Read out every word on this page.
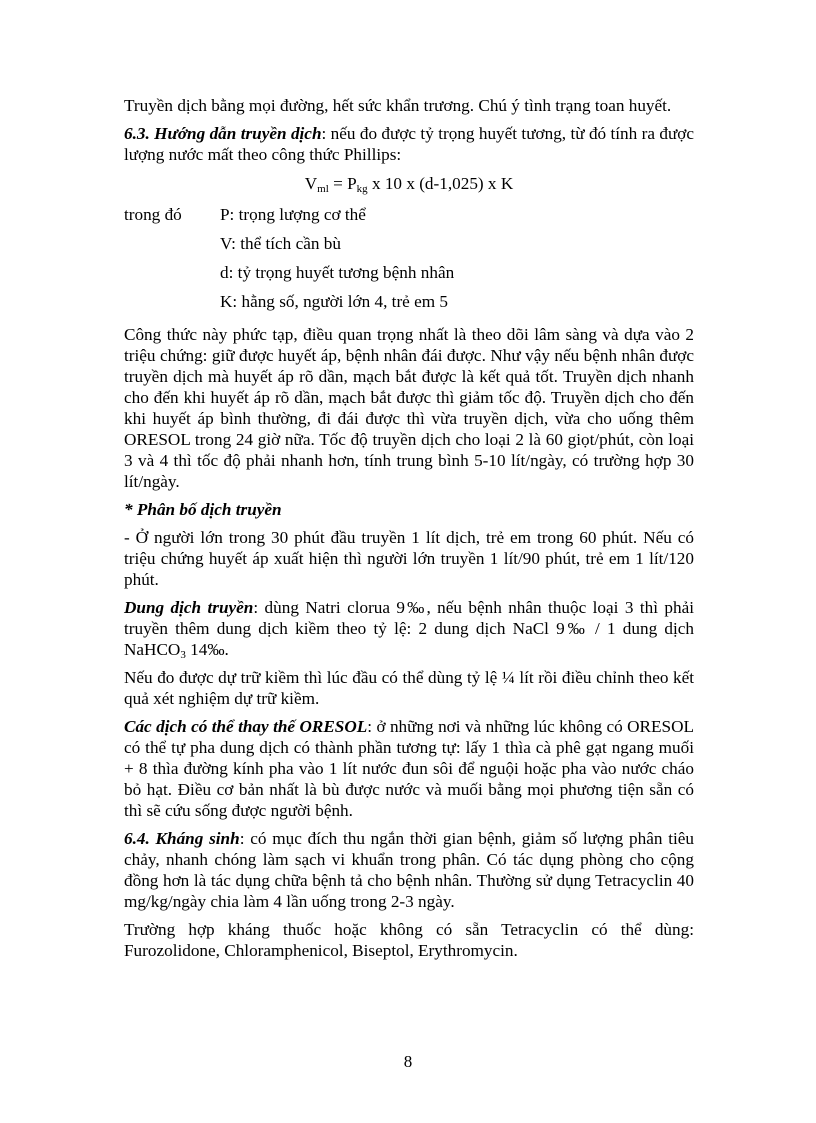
Truyền dịch bằng mọi đường, hết sức khẩn trương. Chú ý tình trạng toan huyết.

6.3. Hướng dẫn truyền dịch: nếu đo được tỷ trọng huyết tương, từ đó tính ra được lượng nước mất theo công thức Phillips:

$V_{ml} = P_{kg}$ x 10 x (d-1,025) x K
trong đó	P: trọng lượng cơ thể
V: thể tích cần bù
d: tỷ trọng huyết tương bệnh nhân
K: hằng số, người lớn 4, trẻ em 5

Công thức này phức tạp, điều quan trọng nhất là theo dõi lâm sàng và dựa vào 2 triệu chứng: giữ được huyết áp, bệnh nhân đái được. Như vậy nếu bệnh nhân được truyền dịch mà huyết áp rõ dần, mạch bắt được là kết quả tốt. Truyền dịch nhanh cho đến khi huyết áp rõ dần, mạch bắt được thì giảm tốc độ. Truyền dịch cho đến khi huyết áp bình thường, đi đái được thì vừa truyền dịch, vừa cho uống thêm ORESOL trong 24 giờ nữa. Tốc độ truyền dịch cho loại 2 là 60 giọt/phút, còn loại 3 và 4 thì tốc độ phải nhanh hơn, tính trung bình 5-10 lít/ngày, có trường hợp 30 lít/ngày.

* Phân bố dịch truyền

- Ở người lớn trong 30 phút đầu truyền 1 lít dịch, trẻ em trong 60 phút. Nếu có triệu chứng huyết áp xuất hiện thì người lớn truyền 1 lít/90 phút, trẻ em 1 lít/120 phút.

Dung dịch truyền: dùng Natri clorua 9‰, nếu bệnh nhân thuộc loại 3 thì phải truyền thêm dung dịch kiềm theo tỷ lệ: 2 dung dịch NaCl 9‰ / 1 dung dịch NaHCO$_3$ 14‰.

Nếu đo được dự trữ kiềm thì lúc đầu có thể dùng tỷ lệ ¼ lít rồi điều chỉnh theo kết quả xét nghiệm dự trữ kiềm.

Các dịch có thể thay thế ORESOL: ở những nơi và những lúc không có ORESOL có thể tự pha dung dịch có thành phần tương tự: lấy 1 thìa cà phê gạt ngang muối + 8 thìa đường kính pha vào 1 lít nước đun sôi để nguội hoặc pha vào nước cháo bỏ hạt. Điều cơ bản nhất là bù được nước và muối bằng mọi phương tiện sẵn có thì sẽ cứu sống được người bệnh.

6.4. Kháng sinh: có mục đích thu ngắn thời gian bệnh, giảm số lượng phân tiêu chảy, nhanh chóng làm sạch vi khuẩn trong phân. Có tác dụng phòng cho cộng đồng hơn là tác dụng chữa bệnh tả cho bệnh nhân. Thường sử dụng Tetracyclin 40 mg/kg/ngày chia làm 4 lần uống trong 2-3 ngày.

Trường hợp kháng thuốc hoặc không có sẵn Tetracyclin có thể dùng: Furozolidone, Chloramphenicol, Biseptol, Erythromycin.

8
